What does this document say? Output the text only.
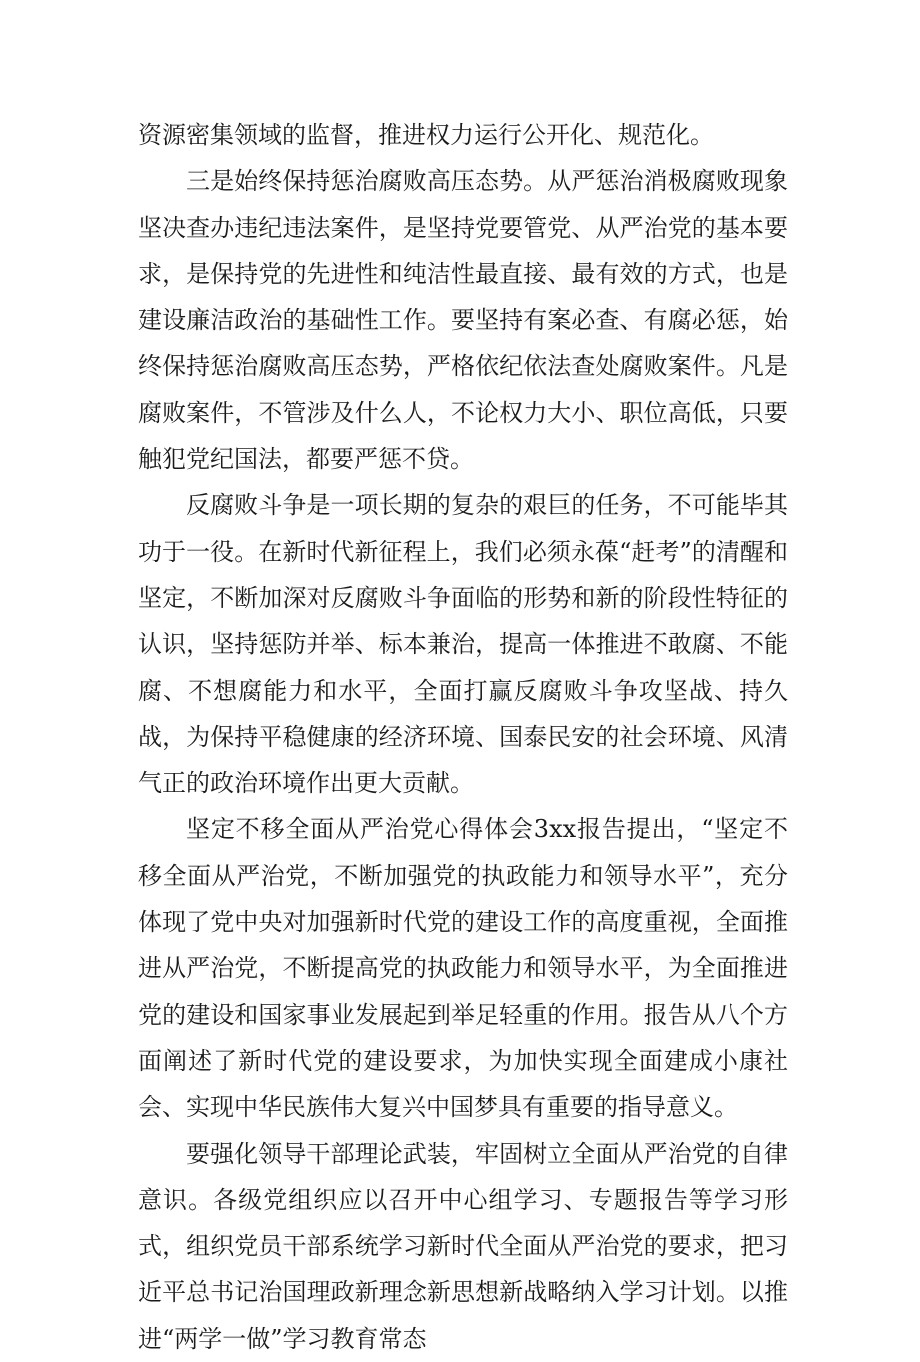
资源密集领域的监督，推进权力运行公开化、规范化。

三是始终保持惩治腐败高压态势。从严惩治消极腐败现象坚决查办违纪违法案件，是坚持党要管党、从严治党的基本要求，是保持党的先进性和纯洁性最直接、最有效的方式，也是建设廉洁政治的基础性工作。要坚持有案必查、有腐必惩，始终保持惩治腐败高压态势，严格依纪依法查处腐败案件。凡是腐败案件，不管涉及什么人，不论权力大小、职位高低，只要触犯党纪国法，都要严惩不贷。

反腐败斗争是一项长期的复杂的艰巨的任务，不可能毕其功于一役。在新时代新征程上，我们必须永葆“赶考”的清醒和坚定，不断加深对反腐败斗争面临的形势和新的阶段性特征的认识，坚持惩防并举、标本兼治，提高一体推进不敢腐、不能腐、不想腐能力和水平，全面打赢反腐败斗争攻坚战、持久战，为保持平稳健康的经济环境、国泰民安的社会环境、风清气正的政治环境作出更大贡献。

坚定不移全面从严治党心得体会3xx报告提出，“坚定不移全面从严治党，不断加强党的执政能力和领导水平”，充分体现了党中央对加强新时代党的建设工作的高度重视，全面推进从严治党，不断提高党的执政能力和领导水平，为全面推进党的建设和国家事业发展起到举足轻重的作用。报告从八个方面阐述了新时代党的建设要求，为加快实现全面建成小康社会、实现中华民族伟大复兴中国梦具有重要的指导意义。

要强化领导干部理论武装，牢固树立全面从严治党的自律意识。各级党组织应以召开中心组学习、专题报告等学习形式，组织党员干部系统学习新时代全面从严治党的要求，把习近平总书记治国理政新理念新思想新战略纳入学习计划。以推进“两学一做”学习教育常态
